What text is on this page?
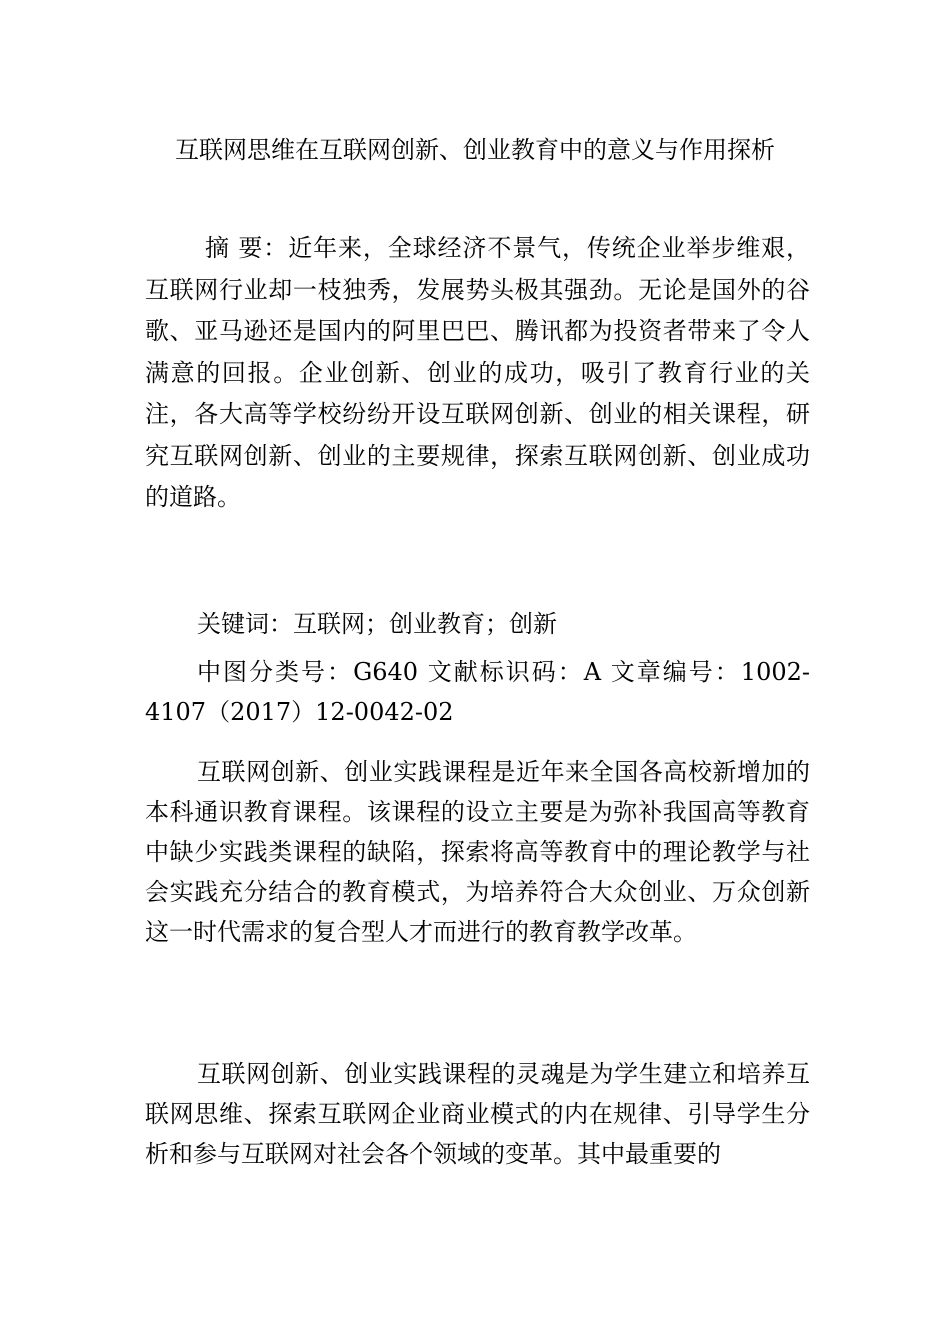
互联网思维在互联网创新、创业教育中的意义与作用探析

摘 要：近年来，全球经济不景气，传统企业举步维艰，互联网行业却一枝独秀，发展势头极其强劲。无论是国外的谷歌、亚马逊还是国内的阿里巴巴、腾讯都为投资者带来了令人满意的回报。企业创新、创业的成功，吸引了教育行业的关注，各大高等学校纷纷开设互联网创新、创业的相关课程，研究互联网创新、创业的主要规律，探索互联网创新、创业成功的道路。

关键词：互联网；创业教育；创新

中图分类号：G640 文献标识码：A 文章编号：1002-4107（2017）12-0042-02

互联网创新、创业实践课程是近年来全国各高校新增加的本科通识教育课程。该课程的设立主要是为弥补我国高等教育中缺少实践类课程的缺陷，探索将高等教育中的理论教学与社会实践充分结合的教育模式，为培养符合大众创业、万众创新这一时代需求的复合型人才而进行的教育教学改革。

互联网创新、创业实践课程的灵魂是为学生建立和培养互联网思维、探索互联网企业商业模式的内在规律、引导学生分析和参与互联网对社会各个领域的变革。其中最重要的
